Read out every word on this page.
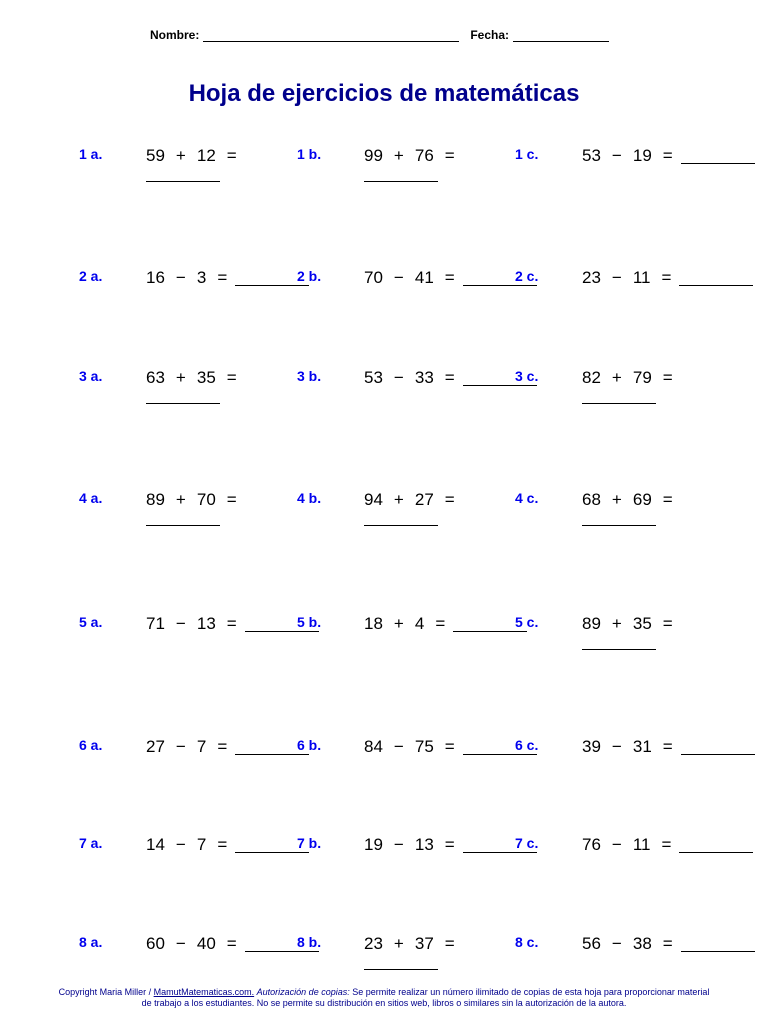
Nombre:	Fecha:
Hoja de ejercicios de matemáticas
1 a.	59 + 12 =	1 b.	99 + 76 =	1 c.	53 − 19 =
2 a.	16 − 3 =	2 b.	70 − 41 =	2 c.	23 − 11 =
3 a.	63 + 35 =	3 b.	53 − 33 =	3 c.	82 + 79 =
4 a.	89 + 70 =	4 b.	94 + 27 =	4 c.	68 + 69 =
5 a.	71 − 13 =	5 b.	18 + 4 =	5 c.	89 + 35 =
6 a.	27 − 7 =	6 b.	84 − 75 =	6 c.	39 − 31 =
7 a.	14 − 7 =	7 b.	19 − 13 =	7 c.	76 − 11 =
8 a.	60 − 40 =	8 b.	23 + 37 =	8 c.	56 − 38 =
Copyright Maria Miller / MamutMatematicas.com. Autorización de copias: Se permite realizar un número ilimitado de copias de esta hoja para proporcionar material
de trabajo a los estudiantes. No se permite su distribución en sitios web, libros o similares sin la autorización de la autora.
